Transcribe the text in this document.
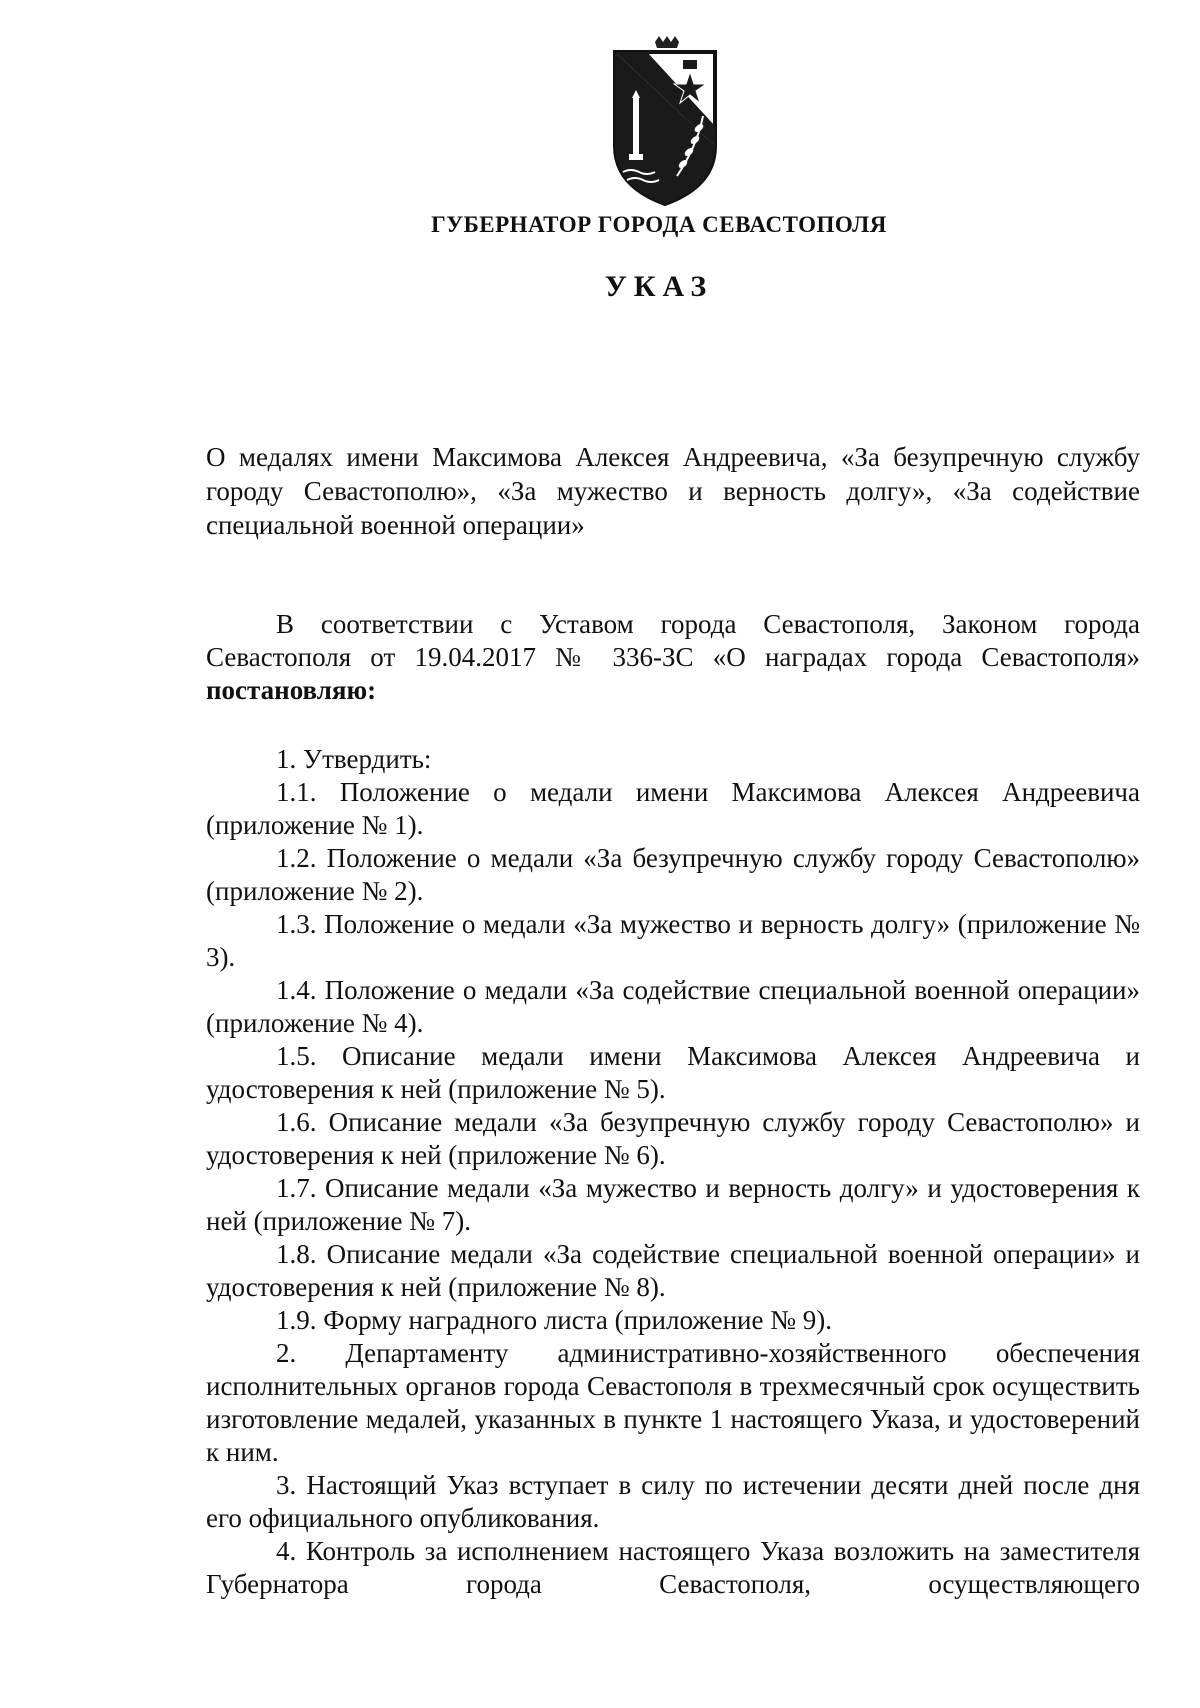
ГУБЕРНАТОР ГОРОДА СЕВАСТОПОЛЯ
УКАЗ
О медалях имени Максимова Алексея Андреевича, «За безупречную службу городу Севастополю», «За мужество и верность долгу», «За содействие специальной военной операции»

В соответствии с Уставом города Севастополя, Законом города Севастополя от 19.04.2017 № 336-ЗС «О наградах города Севастополя» постановляю:

1. Утвердить:

1.1. Положение о медали имени Максимова Алексея Андреевича (приложение № 1).

1.2. Положение о медали «За безупречную службу городу Севастополю» (приложение № 2).

1.3. Положение о медали «За мужество и верность долгу» (приложение № 3).

1.4. Положение о медали «За содействие специальной военной операции» (приложение № 4).

1.5. Описание медали имени Максимова Алексея Андреевича и удостоверения к ней (приложение № 5).

1.6. Описание медали «За безупречную службу городу Севастополю» и удостоверения к ней (приложение № 6).

1.7. Описание медали «За мужество и верность долгу» и удостоверения к ней (приложение № 7).

1.8. Описание медали «За содействие специальной военной операции» и удостоверения к ней (приложение № 8).

1.9. Форму наградного листа (приложение № 9).

2. Департаменту административно-хозяйственного обеспечения исполнительных органов города Севастополя в трехмесячный срок осуществить изготовление медалей, указанных в пункте 1 настоящего Указа, и удостоверений к ним.

3. Настоящий Указ вступает в силу по истечении десяти дней после дня его официального опубликования.

4. Контроль за исполнением настоящего Указа возложить на заместителя Губернатора города Севастополя, осуществляющего
